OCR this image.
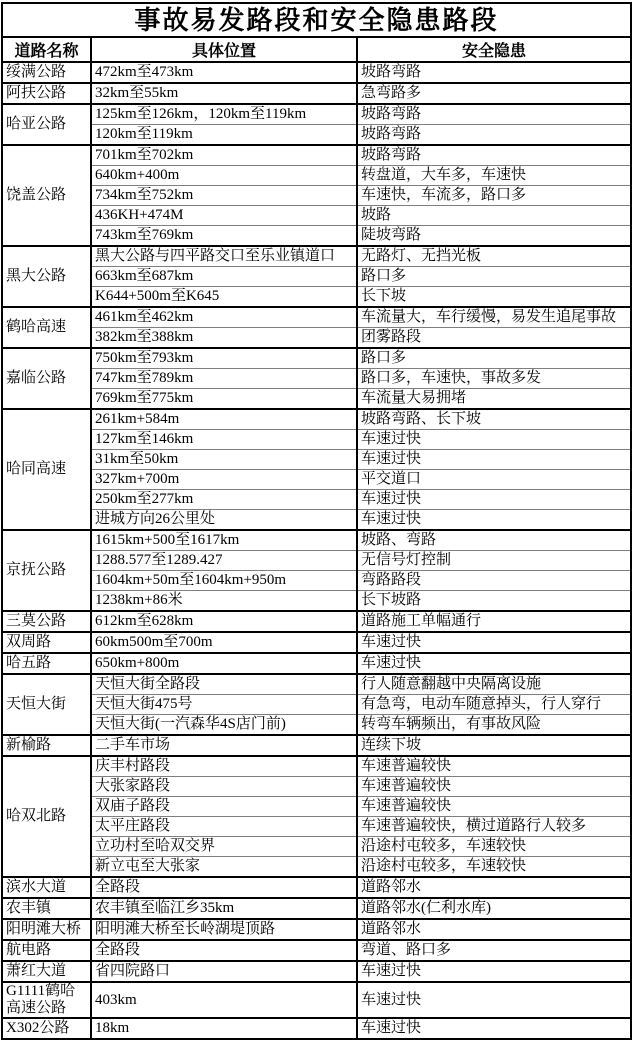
事故易发路段和安全隐患路段
道路名称	具体位置	安全隐患
绥满公路	472km至473km	坡路弯路
阿扶公路	32km至55km	急弯路多
哈亚公路	125km至126km，120km至119km	坡路弯路
	120km至119km	坡路弯路
饶盖公路	701km至702km	坡路弯路
	640km+400m	转盘道，大车多，车速快
	734km至752km	车速快，车流多，路口多
	436KH+474M	坡路
	743km至769km	陡坡弯路
黑大公路	黑大公路与四平路交口至乐业镇道口	无路灯、无挡光板
	663km至687km	路口多
	K644+500m至K645	长下坡
鹤哈高速	461km至462km	车流量大，车行缓慢，易发生追尾事故
	382km至388km	团雾路段
嘉临公路	750km至793km	路口多
	747km至789km	路口多，车速快，事故多发
	769km至775km	车流量大易拥堵
哈同高速	261km+584m	坡路弯路、长下坡
	127km至146km	车速过快
	31km至50km	车速过快
	327km+700m	平交道口
	250km至277km	车速过快
	进城方向26公里处	车速过快
京抚公路	1615km+500至1617km	坡路、弯路
	1288.577至1289.427	无信号灯控制
	1604km+50m至1604km+950m	弯路路段
	1238km+86米	长下坡路
三莫公路	612km至628km	道路施工单幅通行
双周路	60km500m至700m	车速过快
哈五路	650km+800m	车速过快
天恒大街	天恒大街全路段	行人随意翻越中央隔离设施
	天恒大街475号	有急弯，电动车随意掉头，行人穿行
	天恒大街(一汽森华4S店门前)	转弯车辆频出，有事故风险
新榆路	二手车市场	连续下坡
哈双北路	庆丰村路段	车速普遍较快
	大张家路段	车速普遍较快
	双庙子路段	车速普遍较快
	太平庄路段	车速普遍较快，横过道路行人较多
	立功村至哈双交界	沿途村屯较多，车速较快
	新立屯至大张家	沿途村屯较多，车速较快
滨水大道	全路段	道路邻水
农丰镇	农丰镇至临江乡35km	道路邻水(仁利水库)
阳明滩大桥	阳明滩大桥至长岭湖堤顶路	道路邻水
航电路	全路段	弯道、路口多
萧红大道	省四院路口	车速过快
G1111鹤哈高速公路	403km	车速过快
X302公路	18km	车速过快
